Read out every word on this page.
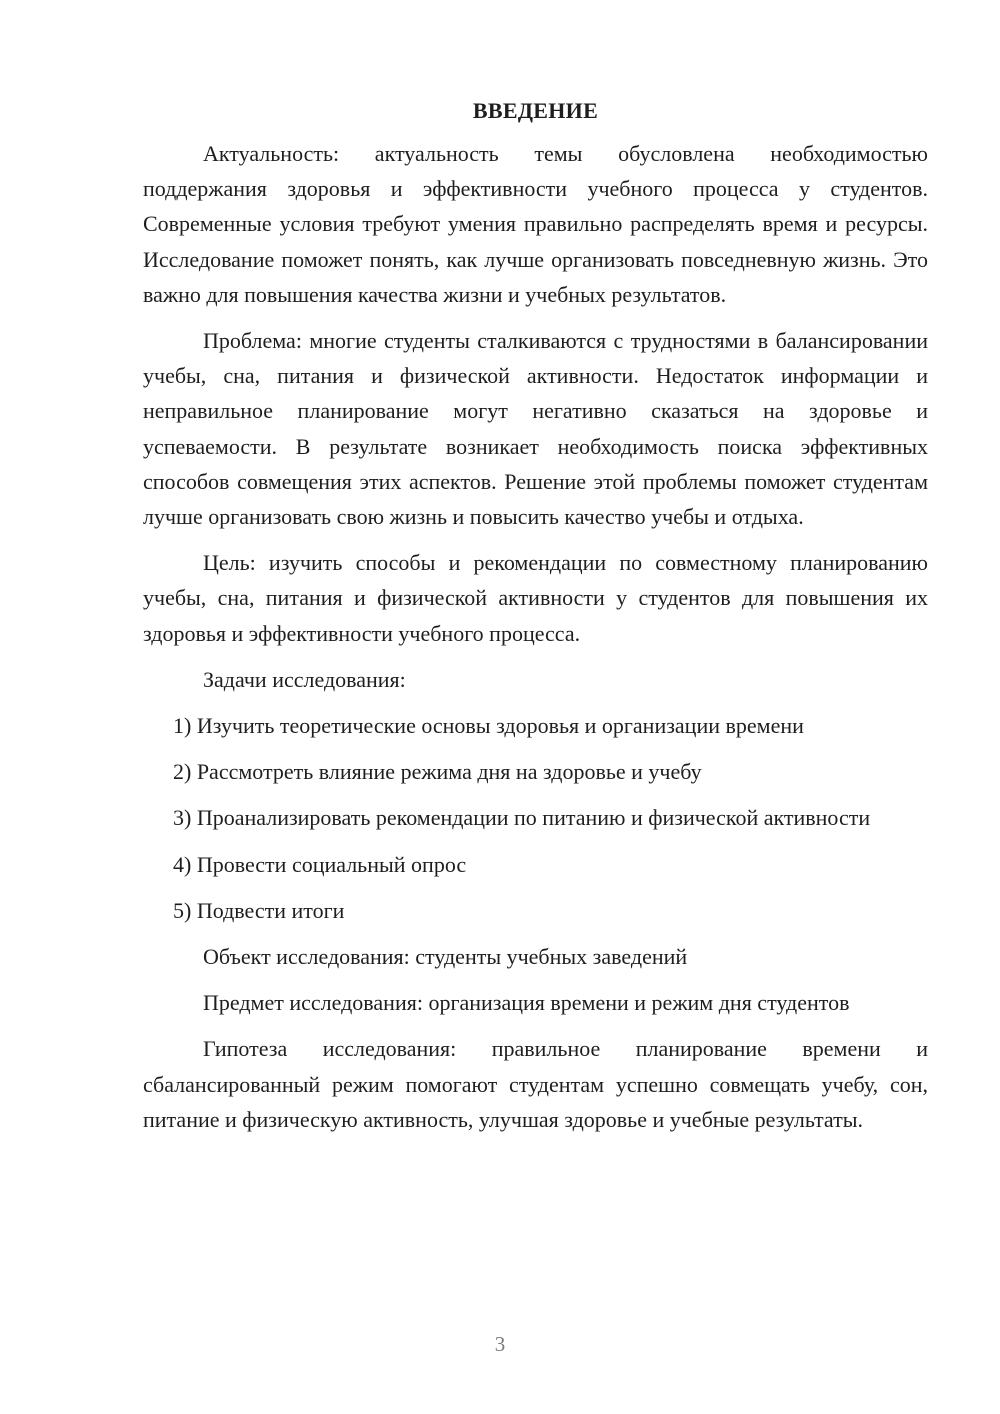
ВВЕДЕНИЕ

Актуальность: актуальность темы обусловлена необходимостью поддержания здоровья и эффективности учебного процесса у студентов. Современные условия требуют умения правильно распределять время и ресурсы. Исследование поможет понять, как лучше организовать повседневную жизнь. Это важно для повышения качества жизни и учебных результатов.

Проблема: многие студенты сталкиваются с трудностями в балансировании учебы, сна, питания и физической активности. Недостаток информации и неправильное планирование могут негативно сказаться на здоровье и успеваемости. В результате возникает необходимость поиска эффективных способов совмещения этих аспектов. Решение этой проблемы поможет студентам лучше организовать свою жизнь и повысить качество учебы и отдыха.

Цель: изучить способы и рекомендации по совместному планированию учебы, сна, питания и физической активности у студентов для повышения их здоровья и эффективности учебного процесса.

Задачи исследования:

1) Изучить теоретические основы здоровья и организации времени

2) Рассмотреть влияние режима дня на здоровье и учебу

3) Проанализировать рекомендации по питанию и физической активности

4) Провести социальный опрос

5) Подвести итоги

Объект исследования: студенты учебных заведений

Предмет исследования: организация времени и режим дня студентов

Гипотеза исследования: правильное планирование времени и сбалансированный режим помогают студентам успешно совмещать учебу, сон, питание и физическую активность, улучшая здоровье и учебные результаты.

3
